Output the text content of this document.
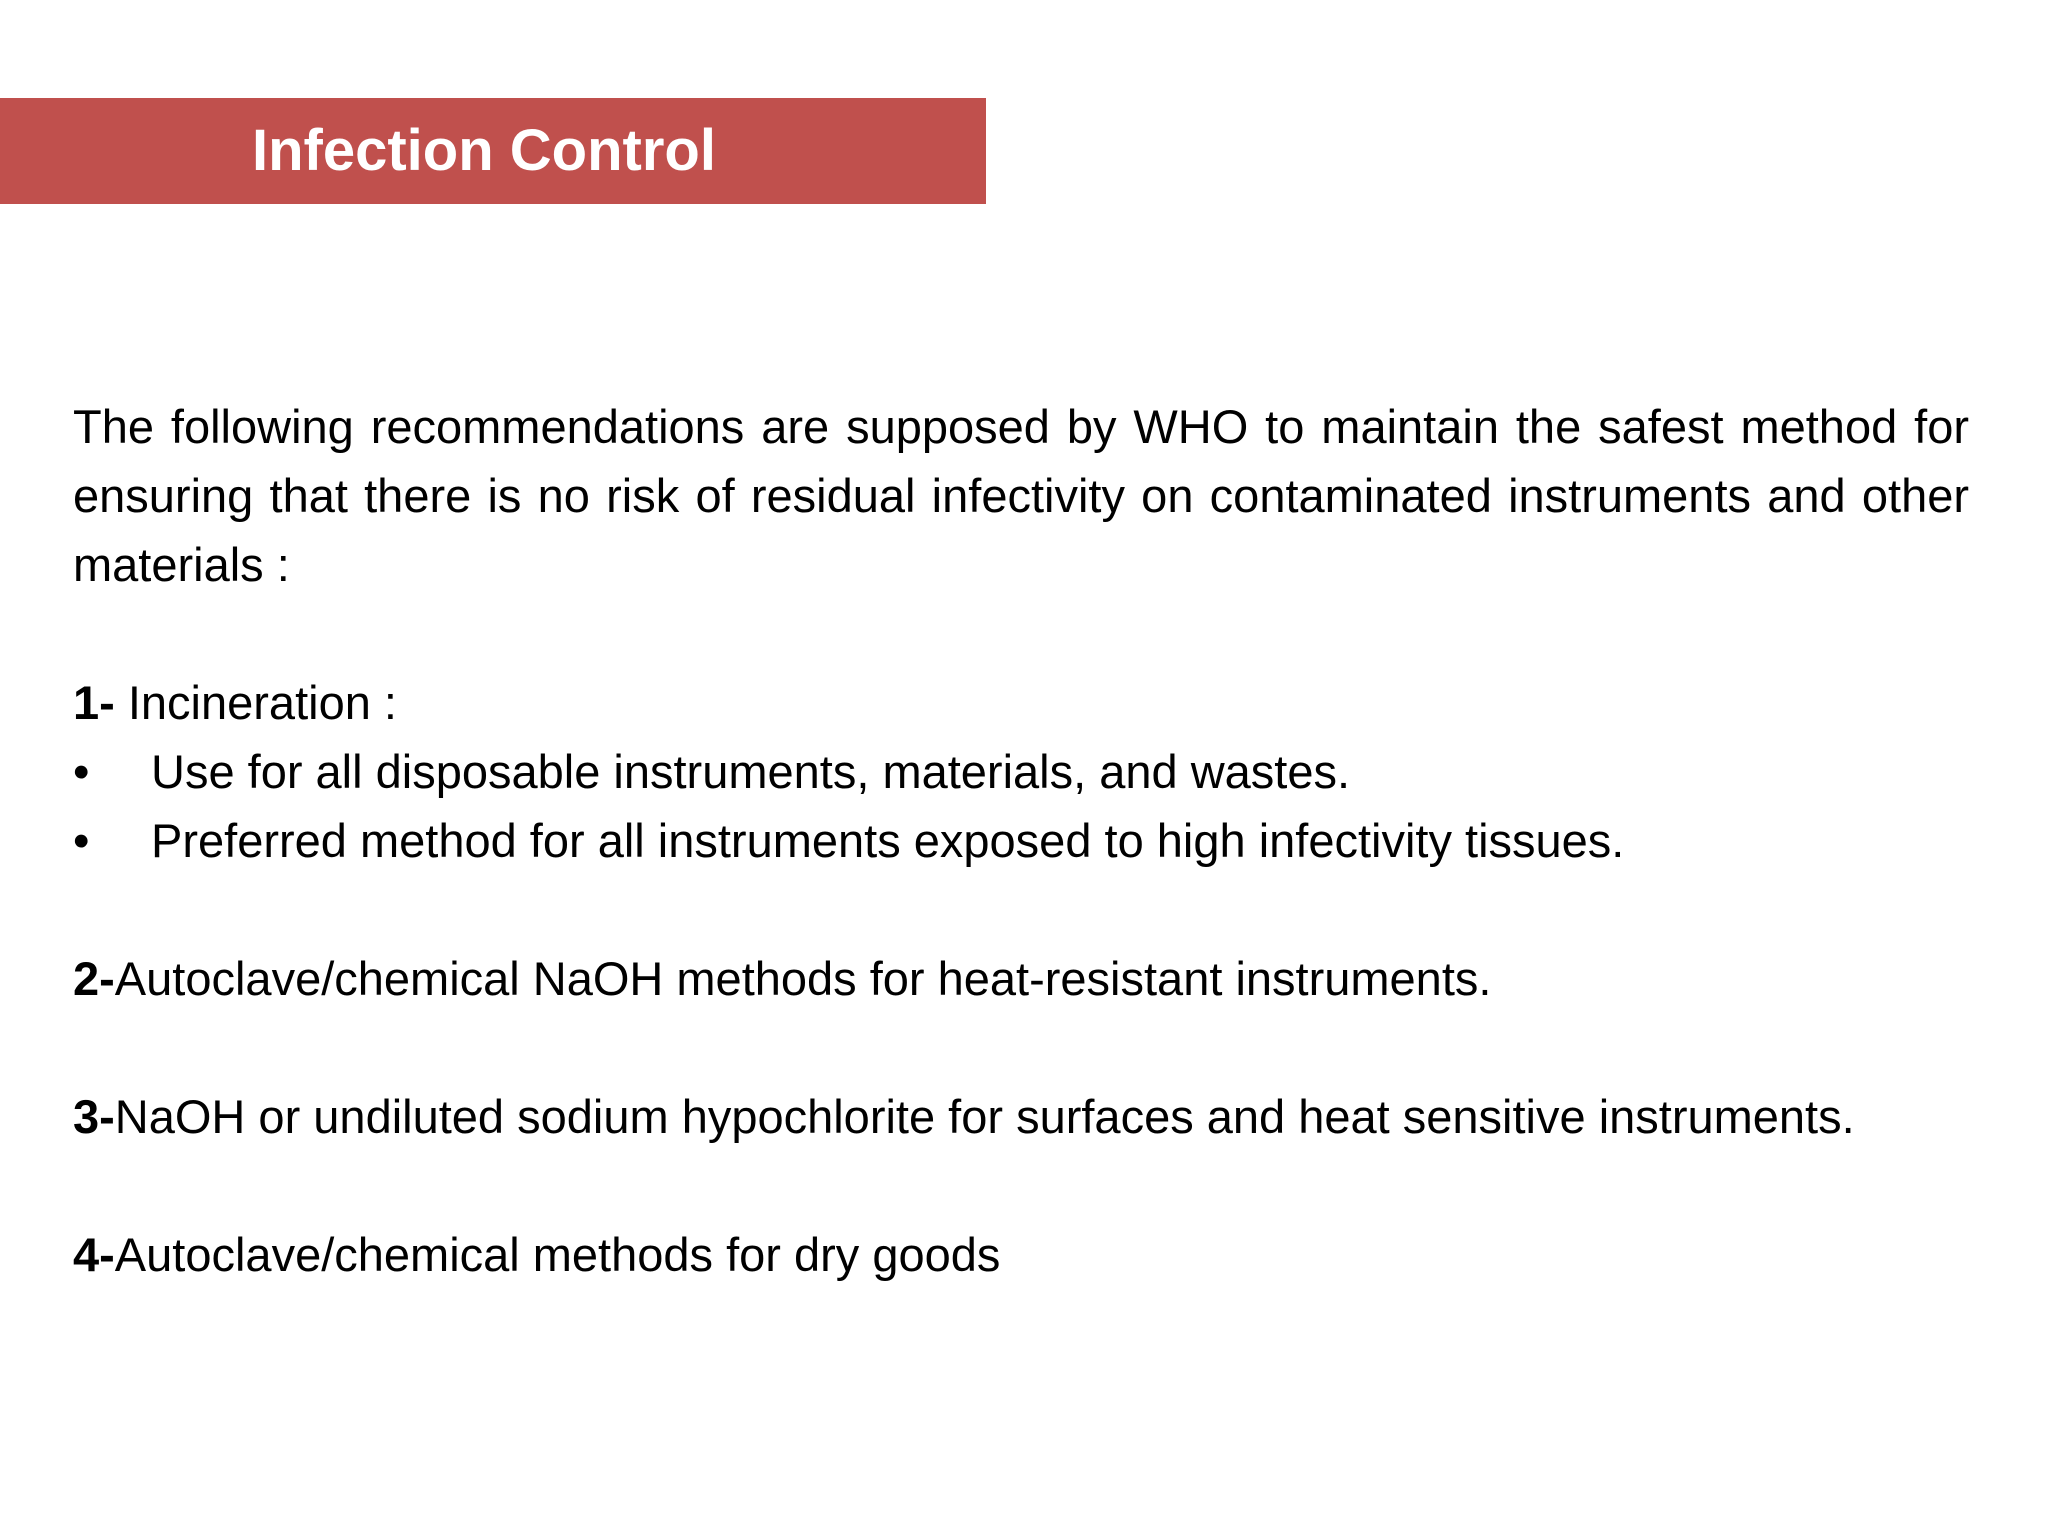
Infection Control

The following recommendations are supposed by WHO to maintain the safest method for ensuring that there is no risk of residual infectivity on contaminated instruments and other materials :

1- Incineration :

• Use for all disposable instruments, materials, and wastes.
• Preferred method for all instruments exposed to high infectivity tissues.

2-Autoclave/chemical NaOH methods for heat-resistant instruments.

3-NaOH or undiluted sodium hypochlorite for surfaces and heat sensitive instruments.

4-Autoclave/chemical methods for dry goods
